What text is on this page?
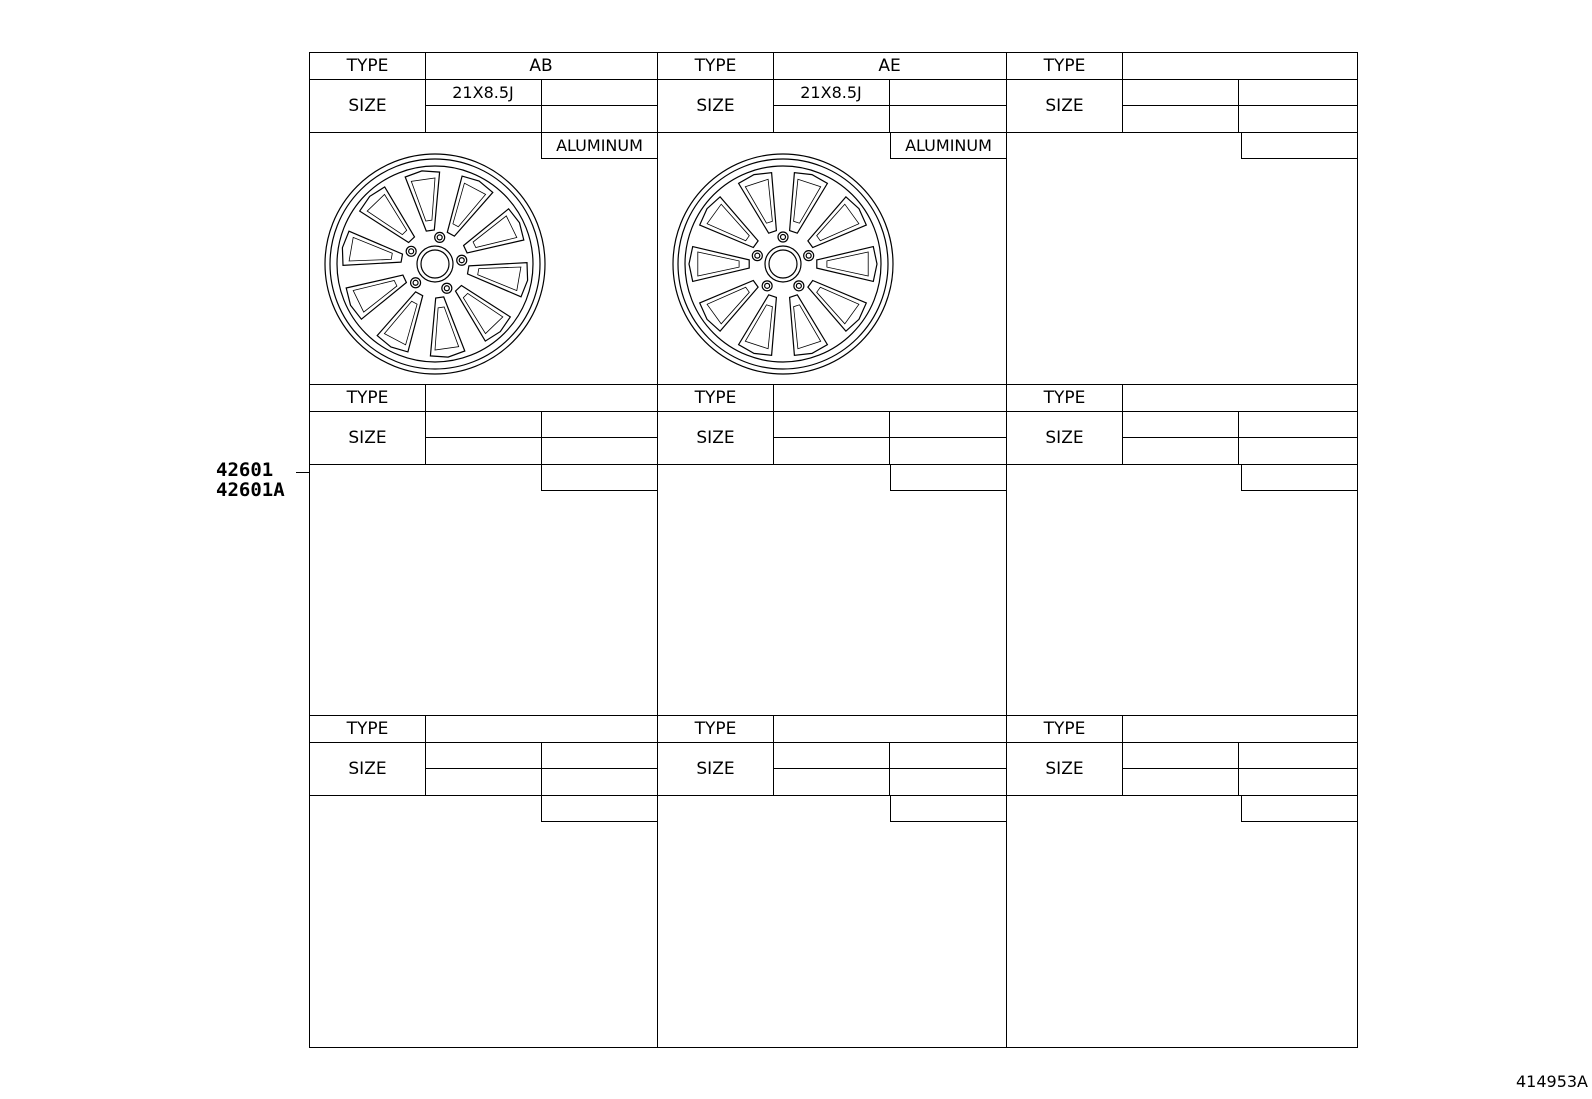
42601
42601A
TYPE	AB
SIZE
21X8.5J
ALUMINUM
TYPE	AE
SIZE
21X8.5J
ALUMINUM
TYPE
SIZE
TYPE
SIZE
TYPE
SIZE
TYPE
SIZE
TYPE
SIZE
TYPE
SIZE
TYPE
SIZE
414953A
